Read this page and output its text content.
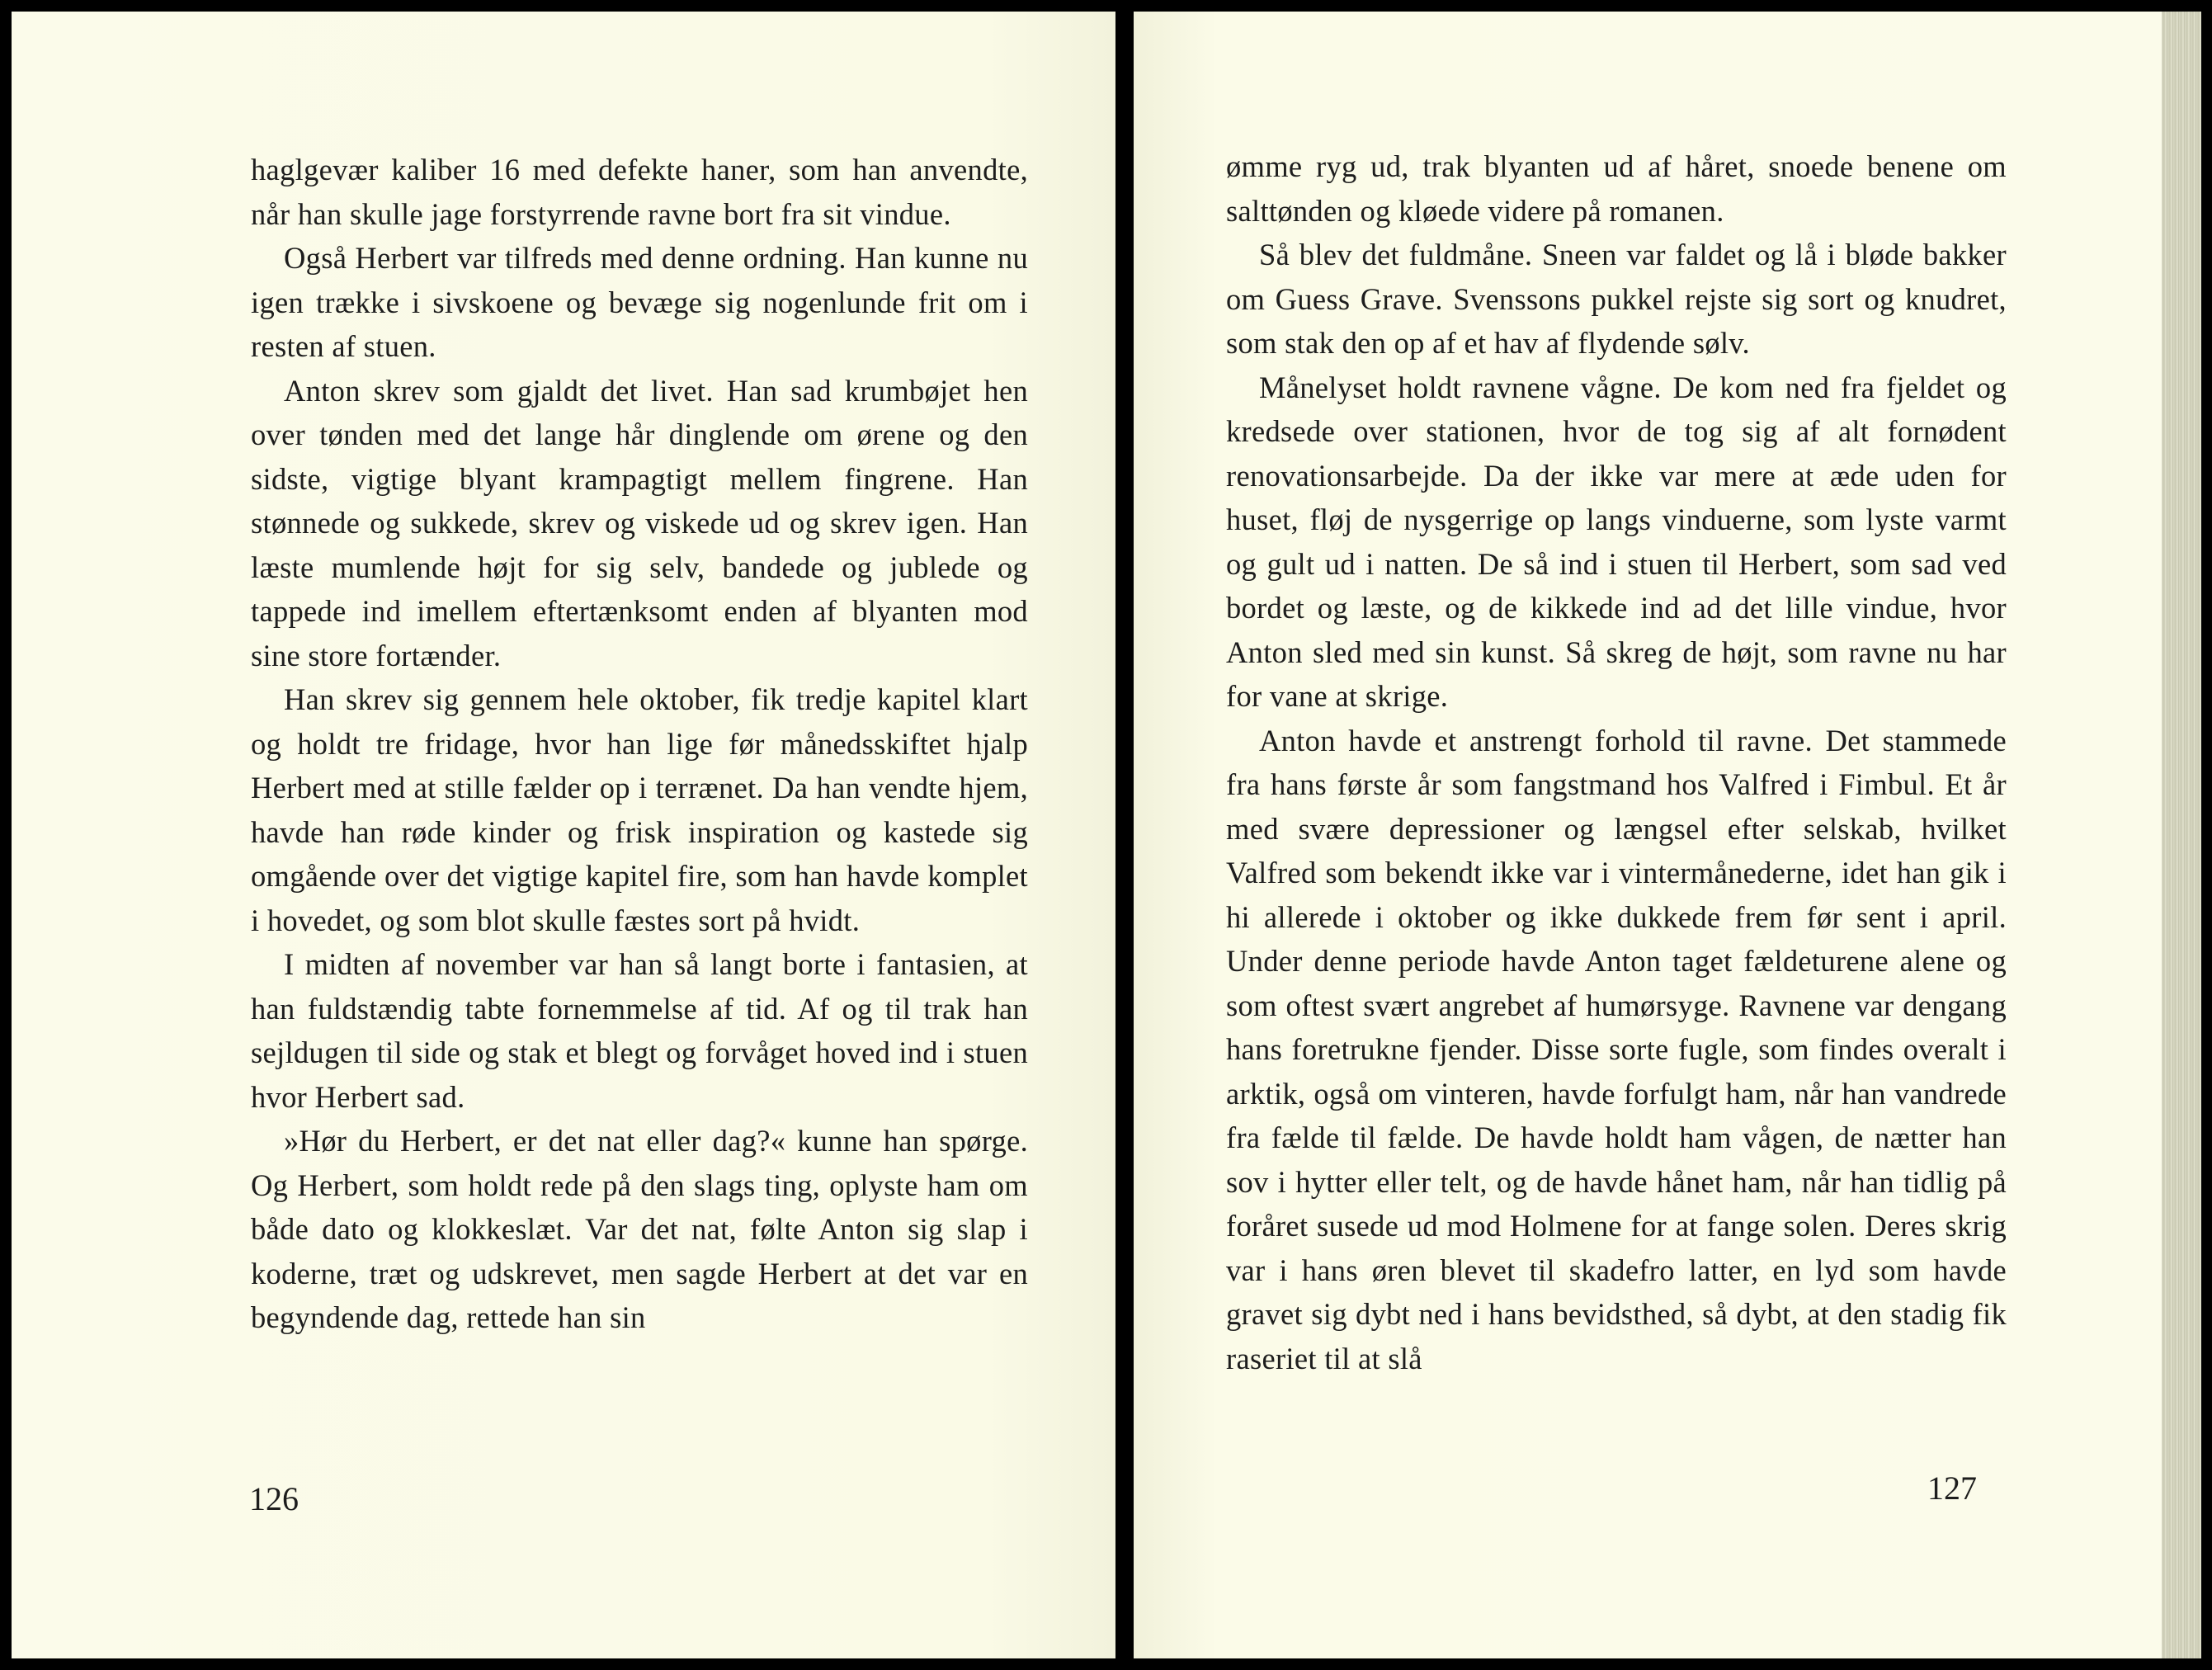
haglgevær kaliber 16 med defekte haner, som han anvendte, når han skulle jage forstyrrende ravne bort fra sit vindue.

Også Herbert var tilfreds med denne ordning. Han kunne nu igen trække i sivskoene og bevæge sig nogenlunde frit om i resten af stuen.

Anton skrev som gjaldt det livet. Han sad krumbøjet hen over tønden med det lange hår dinglende om ørene og den sidste, vigtige blyant krampagtigt mellem fingrene. Han stønnede og sukkede, skrev og viskede ud og skrev igen. Han læste mumlende højt for sig selv, bandede og jublede og tappede ind imellem eftertænksomt enden af blyanten mod sine store fortænder.

Han skrev sig gennem hele oktober, fik tredje kapitel klart og holdt tre fridage, hvor han lige før månedsskiftet hjalp Herbert med at stille fælder op i terrænet. Da han vendte hjem, havde han røde kinder og frisk inspiration og kastede sig omgående over det vigtige kapitel fire, som han havde komplet i hovedet, og som blot skulle fæstes sort på hvidt.

I midten af november var han så langt borte i fantasien, at han fuldstændig tabte fornemmelse af tid. Af og til trak han sejldugen til side og stak et blegt og forvåget hoved ind i stuen hvor Herbert sad.

»Hør du Herbert, er det nat eller dag?« kunne han spørge. Og Herbert, som holdt rede på den slags ting, oplyste ham om både dato og klokkeslæt. Var det nat, følte Anton sig slap i koderne, træt og udskrevet, men sagde Herbert at det var en begyndende dag, rettede han sin

126

ømme ryg ud, trak blyanten ud af håret, snoede benene om salttønden og kløede videre på romanen.

Så blev det fuldmåne. Sneen var faldet og lå i bløde bakker om Guess Grave. Svenssons pukkel rejste sig sort og knudret, som stak den op af et hav af flydende sølv.

Månelyset holdt ravnene vågne. De kom ned fra fjeldet og kredsede over stationen, hvor de tog sig af alt fornødent renovationsarbejde. Da der ikke var mere at æde uden for huset, fløj de nysgerrige op langs vinduerne, som lyste varmt og gult ud i natten. De så ind i stuen til Herbert, som sad ved bordet og læste, og de kikkede ind ad det lille vindue, hvor Anton sled med sin kunst. Så skreg de højt, som ravne nu har for vane at skrige.

Anton havde et anstrengt forhold til ravne. Det stammede fra hans første år som fangstmand hos Valfred i Fimbul. Et år med svære depressioner og længsel efter selskab, hvilket Valfred som bekendt ikke var i vintermånederne, idet han gik i hi allerede i oktober og ikke dukkede frem før sent i april. Under denne periode havde Anton taget fældeturene alene og som oftest svært angrebet af humørsyge. Ravnene var dengang hans foretrukne fjender. Disse sorte fugle, som findes overalt i arktik, også om vinteren, havde forfulgt ham, når han vandrede fra fælde til fælde. De havde holdt ham vågen, de nætter han sov i hytter eller telt, og de havde hånet ham, når han tidlig på foråret susede ud mod Holmene for at fange solen. Deres skrig var i hans øren blevet til skadefro latter, en lyd som havde gravet sig dybt ned i hans bevidsthed, så dybt, at den stadig fik raseriet til at slå

127
